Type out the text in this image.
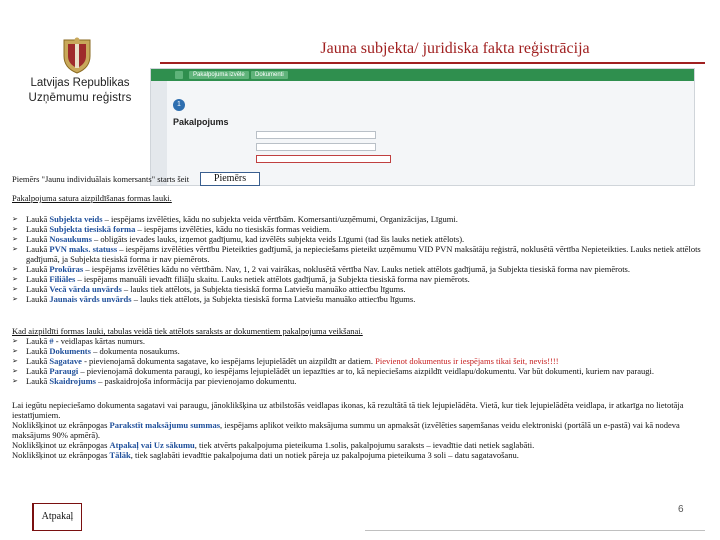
Latvijas Republikas
Uzņēmumu reģistrs
Jauna subjekta/ juridiska fakta reģistrācija
Pakalpojuma izvēle	Dokumenti
1
Pakalpojums
Piemērs "Jaunu individuālais komersants" starts šeit	Piemērs
Pakalpojuma satura aizpildīšanas formas lauki.
➢ Laukā Subjekta veids – iespējams izvēlēties, kādu no subjekta veida vērtībām. Komersanti/uzņēmumi, Organizācijas, Līgumi.
➢ Laukā Subjekta tiesiskā forma – iespējams izvēlēties, kādu no tiesiskās formas veidiem.
➢ Laukā Nosaukums – obligāts ievades lauks, izņemot gadījumu, kad izvēlēts subjekta veids Līgumi (tad šis lauks netiek attēlots).
➢ Laukā PVN maks. statuss – iespējams izvēlēties vērtību Pieteikties gadījumā, ja nepieciešams pieteikt uzņēmumu VID PVN maksātāju reģistrā, noklusētā vērtība Nepieteikties. Lauks netiek attēlots gadījumā, ja Subjekta tiesiskā forma ir nav piemērots.
➢ Laukā Prokūras – iespējams izvēlēties kādu no vērtībām. Nav, 1, 2 vai vairākas, noklusētā vērtība Nav. Lauks netiek attēlots gadījumā, ja Subjekta tiesiskā forma nav piemērots.
➢ Laukā Filiāles – iespējams manuāli ievadīt filiāļu skaitu. Lauks netiek attēlots gadījumā, ja Subjekta tiesiskā forma nav piemērots.
➢ Laukā Vecā vārda unvārds – lauks tiek attēlots, ja Subjekta tiesiskā forma Latviešu manuāko attiecību līgums.
➢ Laukā Jaunais vārds unvārds – lauks tiek attēlots, ja Subjekta tiesiskā forma Latviešu manuāko attiecību līgums.
Kad aizpildīti formas lauki, tabulas veidā tiek attēlots saraksts ar dokumentiem pakalpojuma veikšanai.
➢ Laukā # - veidlapas kārtas numurs.
➢ Laukā Dokuments – dokumenta nosaukums.
➢ Laukā Sagatave - pievienojamā dokumenta sagatave, ko iespējams lejupielādēt un aizpildīt ar datiem. Pievienot dokumentus ir iespējams tikai šeit, nevis!!!!
➢ Laukā Paraugi – pievienojamā dokumenta paraugi, ko iespējams lejupielādēt un iepazīties ar to, kā nepieciešams aizpildīt veidlapu/dokumentu. Var būt dokumenti, kuriem nav paraugi.
➢ Laukā Skaidrojums – paskaidrojoša informācija par pievienojamo dokumentu.
Lai iegūtu nepieciešamo dokumenta sagatavi vai paraugu, jānoklikšķina uz atbilstošās veidlapas ikonas, kā rezultātā tā tiek lejupielādēta. Vietā, kur tiek lejupielādēta veidlapa, ir atkarīga no lietotāja iestatījumiem.
Noklikšķinot uz ekrānpogas Parakstīt maksājumu summas, iespējams aplikot veikto maksājuma summu un apmaksāt (izvēlēties saņemšanas veidu elektroniski (portālā un e-pastā) vai kā nodeva maksājums 90% apmērā).
Noklikšķinot uz ekrānpogas Atpakaļ vai Uz sākumu, tiek atvērts pakalpojuma pieteikuma 1.solis, pakalpojumu saraksts – ievadītie dati netiek saglabāti.
Noklikšķinot uz ekrānpogas Tālāk, tiek saglabāti ievadītie pakalpojuma dati un notiek pāreja uz pakalpojuma pieteikuma 3 soli – datu sagatavošanu.
Atpakaļ
6
